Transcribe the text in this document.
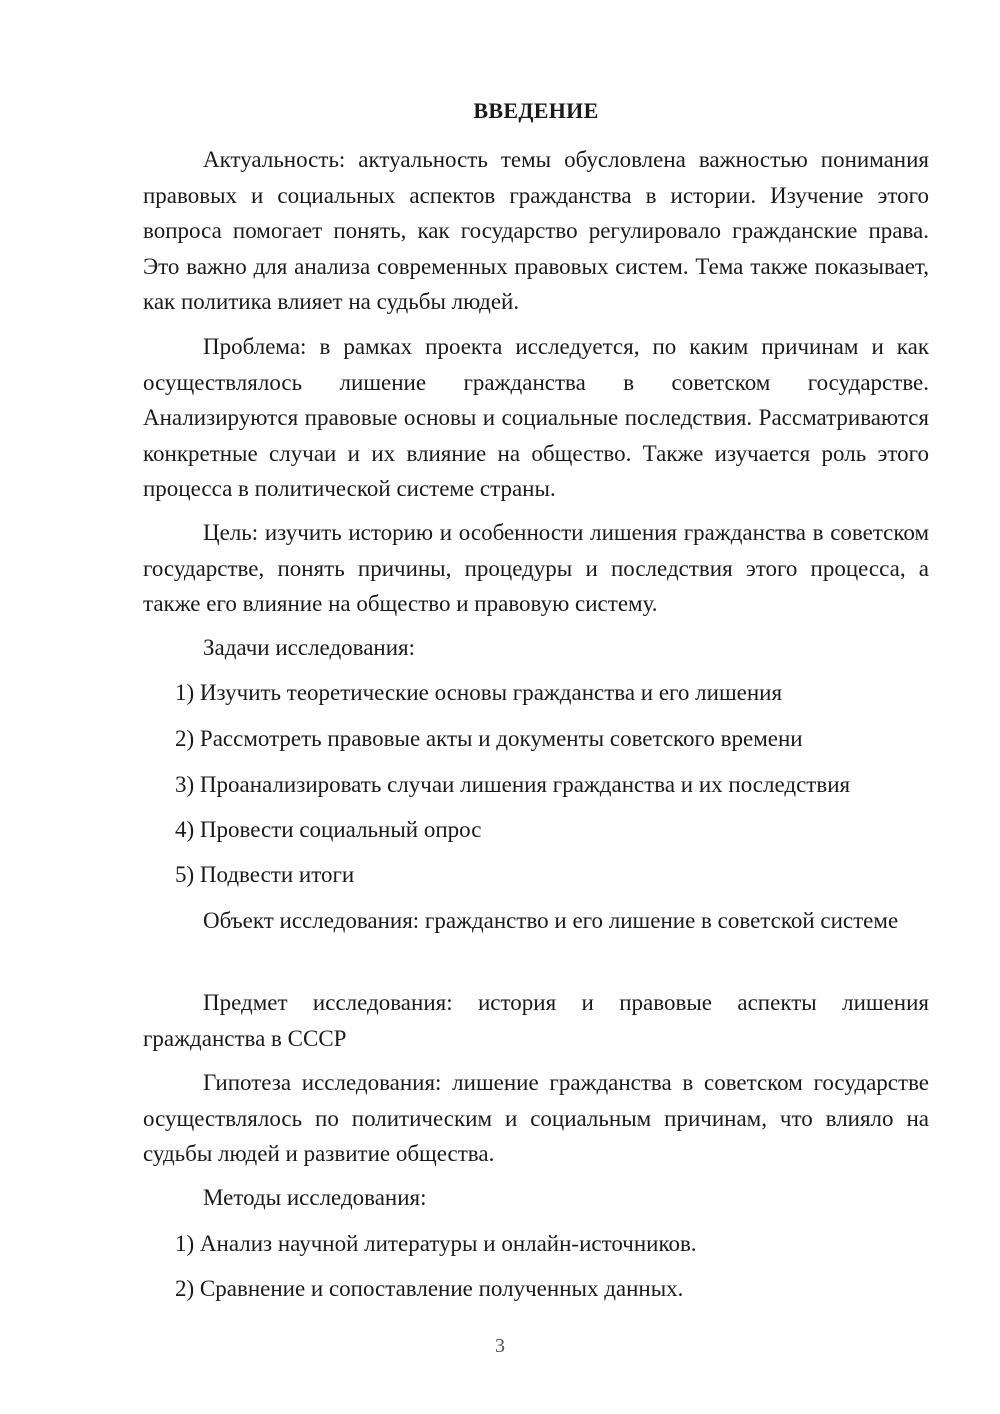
ВВЕДЕНИЕ

Актуальность: актуальность темы обусловлена важностью понимания правовых и социальных аспектов гражданства в истории. Изучение этого вопроса помогает понять, как государство регулировало гражданские права. Это важно для анализа современных правовых систем. Тема также показывает, как политика влияет на судьбы людей.

Проблема: в рамках проекта исследуется, по каким причинам и как осуществлялось лишение гражданства в советском государстве. Анализируются правовые основы и социальные последствия. Рассматриваются конкретные случаи и их влияние на общество. Также изучается роль этого процесса в политической системе страны.

Цель: изучить историю и особенности лишения гражданства в советском государстве, понять причины, процедуры и последствия этого процесса, а также его влияние на общество и правовую систему.

Задачи исследования:

1) Изучить теоретические основы гражданства и его лишения

2) Рассмотреть правовые акты и документы советского времени

3) Проанализировать случаи лишения гражданства и их последствия

4) Провести социальный опрос

5) Подвести итоги

Объект исследования: гражданство и его лишение в советской системе

Предмет исследования: история и правовые аспекты лишения гражданства в СССР

Гипотеза исследования: лишение гражданства в советском государстве осуществлялось по политическим и социальным причинам, что влияло на судьбы людей и развитие общества.

Методы исследования:

1) Анализ научной литературы и онлайн-источников.

2) Сравнение и сопоставление полученных данных.

3
